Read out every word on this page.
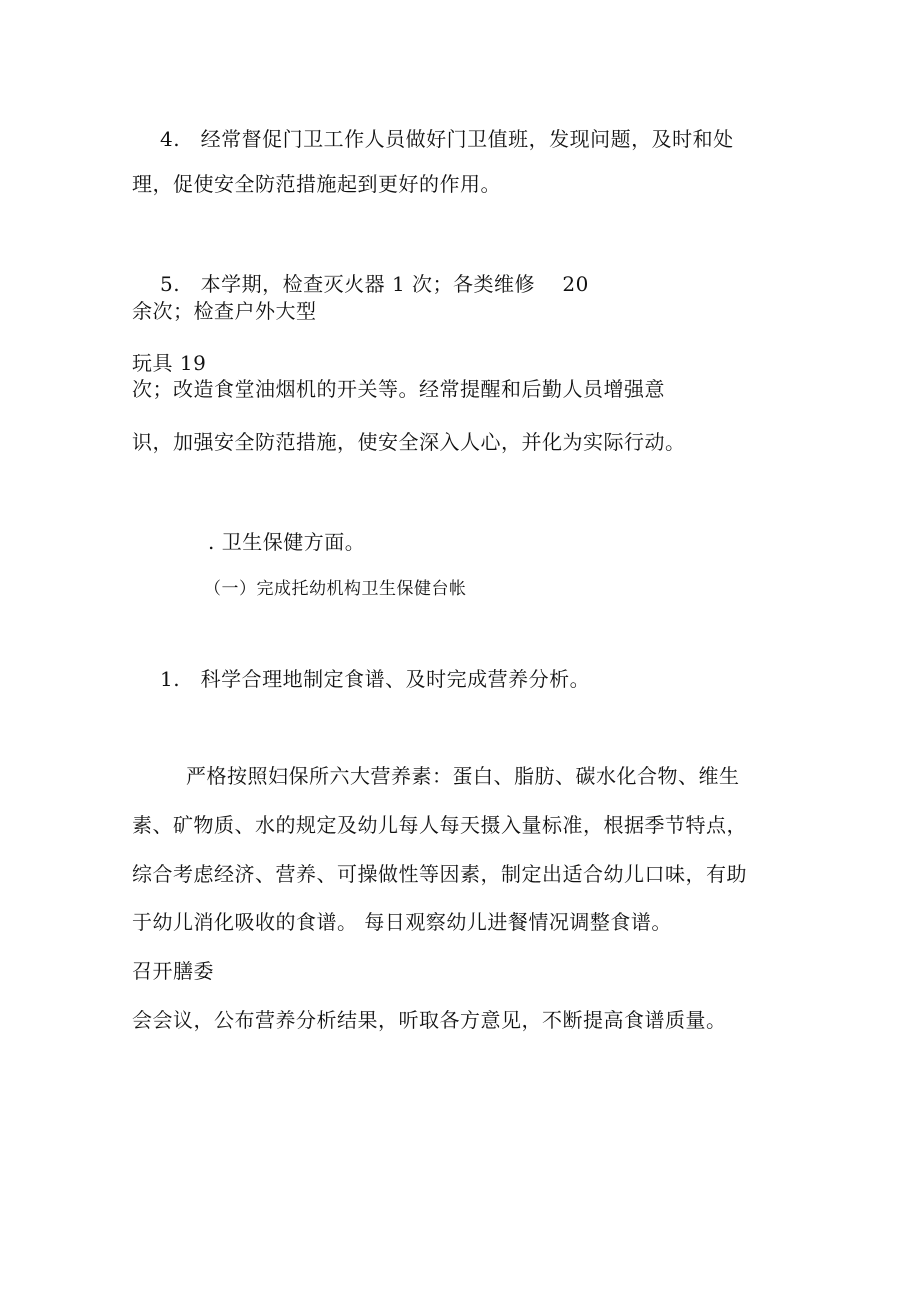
4.　经常督促门卫工作人员做好门卫值班，发现问题，及时和处
理，促使安全防范措施起到更好的作用。
5.　本学期，检查灭火器 1 次；各类维修　 20
余次；检查户外大型
玩具 19
次；改造食堂油烟机的开关等。经常提醒和后勤人员增强意
识，加强安全防范措施，使安全深入人心，并化为实际行动。
. 卫生保健方面。
（一）完成托幼机构卫生保健台帐
1.　科学合理地制定食谱、及时完成营养分析。
严格按照妇保所六大营养素：蛋白、脂肪、碳水化合物、维生
素、矿物质、水的规定及幼儿每人每天摄入量标准，根据季节特点，
综合考虑经济、营养、可操做性等因素，制定出适合幼儿口味，有助
于幼儿消化吸收的食谱。 每日观察幼儿进餐情况调整食谱。
召开膳委
会会议，公布营养分析结果，听取各方意见，不断提高食谱质量。
